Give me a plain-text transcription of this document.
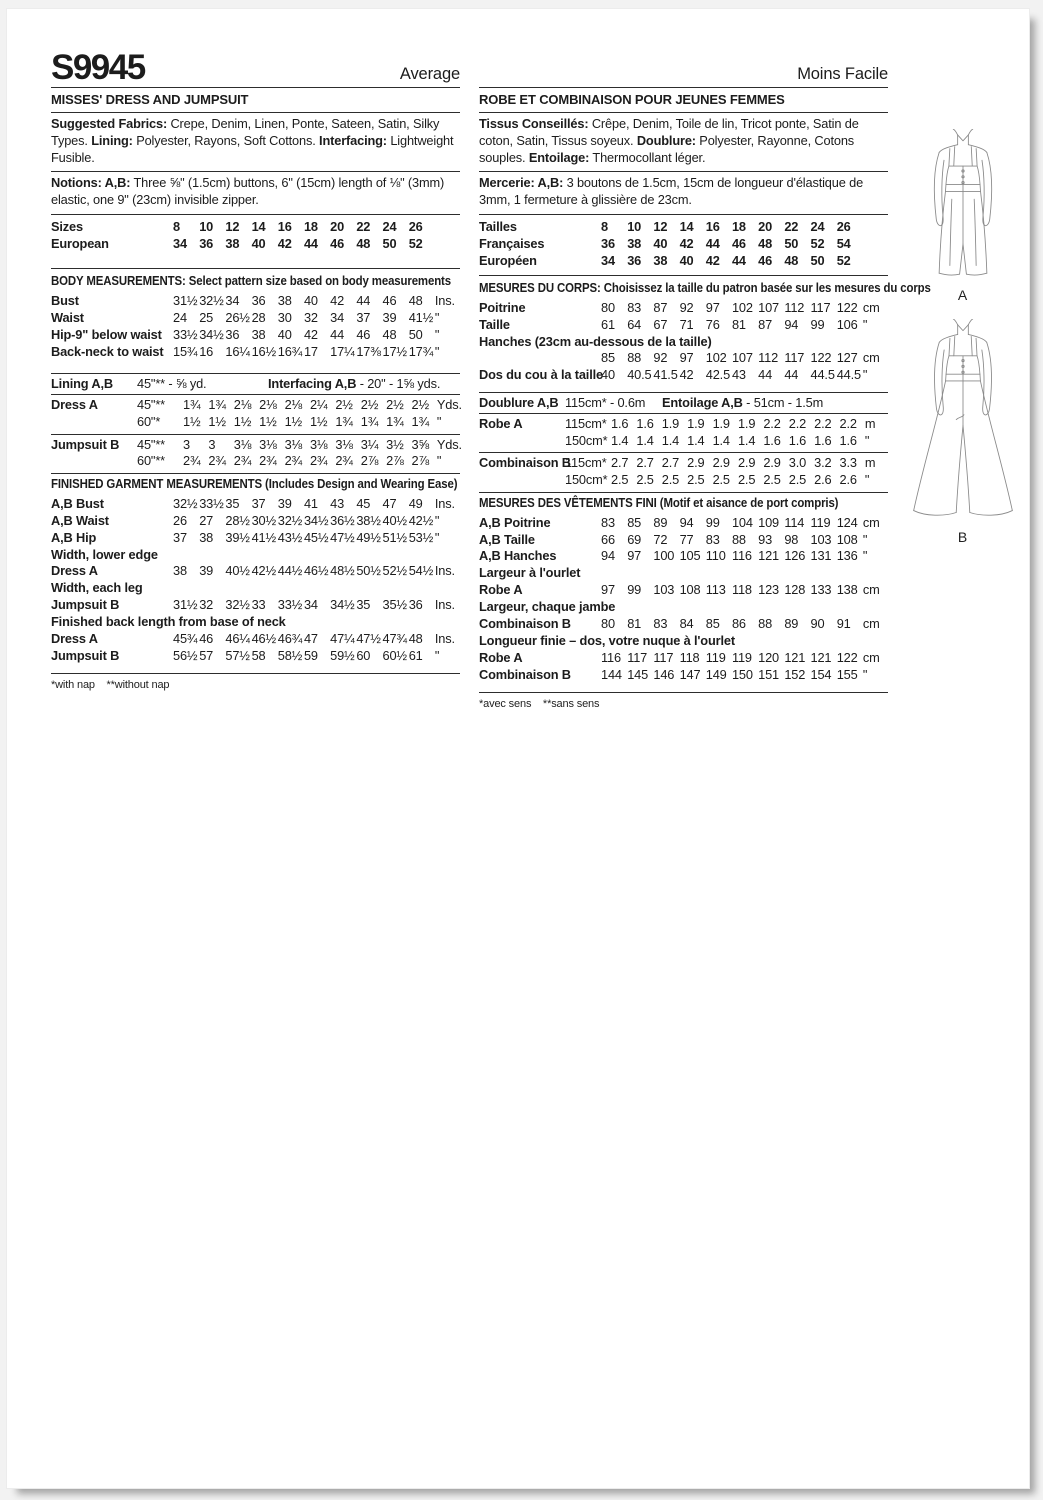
S9945	Average
MISSES' DRESS AND JUMPSUIT
Suggested Fabrics: Crepe, Denim, Linen, Ponte, Sateen, Satin, Silky Types. Lining: Polyester, Rayons, Soft Cottons. Interfacing: Lightweight Fusible.
Notions: A,B: Three ⅝" (1.5cm) buttons, 6" (15cm) length of ⅛" (3mm) elastic, one 9" (23cm) invisible zipper.
Sizes	8	10 12 14 16 18 20 22 24 26
European	34 36 38 40 42 44 46 48 50 52
BODY MEASUREMENTS: Select pattern size based on body measurements
Bust	31½ 32½ 34 36 38 40 42 44 46 48 Ins.
Waist	24 25 26½ 28 30 32 34 37 39 41½ "
Hip-9" below waist 33½ 34½ 36 38 40 42 44 46 48 50 "
Back-neck to waist 15¾ 16 16¼ 16½ 16¾ 17 17¼ 17⅜ 17½ 17¾ "
Lining A,B 45"** - ⅝ yd.	Interfacing A,B - 20" - 1⅝ yds.
Dress A	45"**	1¾ 1¾ 2⅛ 2⅛ 2⅛ 2¼ 2½ 2½ 2½ 2½ Yds.
60"*	1½ 1½ 1½ 1½ 1½ 1½ 1¾ 1¾ 1¾ 1¾ "
Jumpsuit B 45"**	3	3	3⅛ 3⅛ 3⅛ 3⅛ 3⅛ 3¼ 3½ 3⅝ Yds.
60"**	2¾ 2¾ 2¾ 2¾ 2¾ 2¾ 2¾ 2⅞ 2⅞ 2⅞ "
FINISHED GARMENT MEASUREMENTS (Includes Design and Wearing Ease)
A,B Bust	32½ 33½ 35 37 39 41 43 45 47 49 Ins.
A,B Waist	26 27 28½ 30½ 32½ 34½ 36½ 38½ 40½ 42½ "
A,B Hip	37 38 39½ 41½ 43½ 45½ 47½ 49½ 51½ 53½ "
Width, lower edge
Dress A	38 39 40½ 42½ 44½ 46½ 48½ 50½ 52½ 54½ Ins.
Width, each leg
Jumpsuit B	31½ 32 32½ 33 33½ 34 34½ 35 35½ 36 Ins.
Finished back length from base of neck
Dress A	45¾ 46 46¼ 46½ 46¾ 47 47¼ 47½ 47¾ 48 Ins.
Jumpsuit B	56½ 57 57½ 58 58½ 59 59½ 60 60½ 61 "
*with nap    **without nap
Moins Facile
ROBE ET COMBINAISON POUR JEUNES FEMMES
Tissus Conseillés: Crêpe, Denim, Toile de lin, Tricot ponte, Satin de coton, Satin, Tissus soyeux. Doublure: Polyester, Rayonne, Cotons souples. Entoilage: Thermocollant léger.
Mercerie: A,B: 3 boutons de 1.5cm, 15cm de longueur d'élastique de 3mm, 1 fermeture à glissière de 23cm.
Tailles	8	10 12 14 16 18 20 22 24 26
Françaises	36 38 40 42 44 46 48 50 52 54
Européen	34 36 38 40 42 44 46 48 50 52
MESURES DU CORPS: Choisissez la taille du patron basée sur les mesures du corps
Poitrine	80 83 87 92 97 102 107 112 117 122 cm
Taille	61 64 67 71 76 81 87 94 99 106 "
Hanches (23cm au-dessous de la taille)
85 88 92 97 102 107 112 117 122 127 cm
Dos du cou à la taille
40 40.5 41.5 42 42.5 43 44 44 44.5 44.5 "
Doublure A,B 115cm* - 0.6m Entoilage A,B - 51cm - 1.5m
Robe A	115cm* 1.6 1.6 1.9 1.9 1.9 1.9 2.2 2.2 2.2 2.2 m
150cm* 1.4 1.4 1.4 1.4 1.4 1.4 1.6 1.6 1.6 1.6 "
Combinaison B
115cm* 2.7 2.7 2.7 2.9 2.9 2.9 2.9 3.0 3.2 3.3 m
150cm* 2.5 2.5 2.5 2.5 2.5 2.5 2.5 2.5 2.6 2.6 "
MESURES DES VÊTEMENTS FINI (Motif et aisance de port compris)
A,B Poitrine	83 85 89 94 99 104 109 114 119 124 cm
A,B Taille	66 69 72 77 83 88 93 98 103 108 "
A,B Hanches	94 97 100 105 110 116 121 126 131 136 "
Largeur à l'ourlet
Robe A	97 99 103 108 113 118 123 128 133 138 cm
Largeur, chaque jambe
Combinaison B	80 81 83 84 85 86 88 89 90 91 cm
Longueur finie – dos, votre nuque à l'ourlet
Robe A	116 117 117 118 119 119 120 121 121 122 cm
Combinaison B	144 145 146 147 149 150 151 152 154 155 "
*avec sens    **sans sens
A
B
